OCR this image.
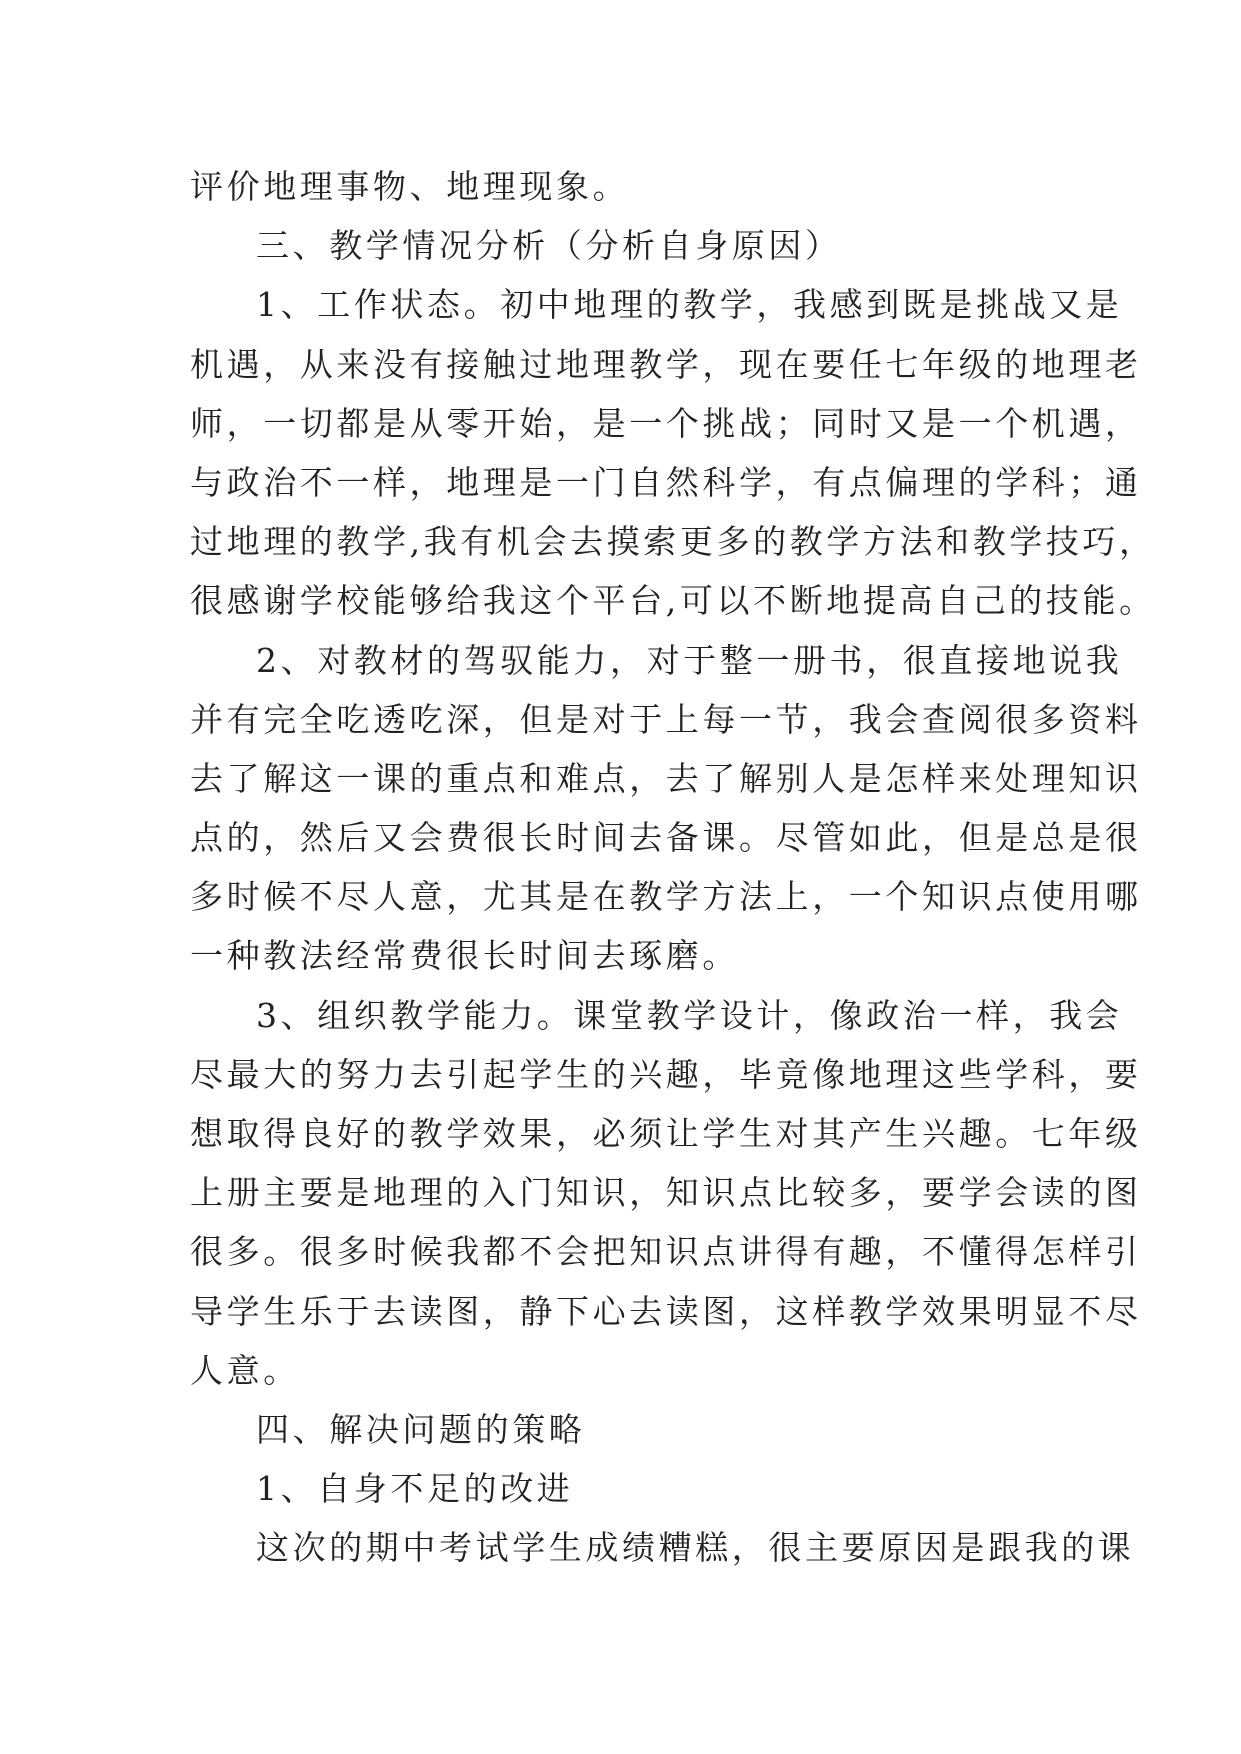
评价地理事物、地理现象。
三、教学情况分析（分析自身原因）
1、工作状态。初中地理的教学，我感到既是挑战又是
机遇，从来没有接触过地理教学，现在要任七年级的地理老
师，一切都是从零开始，是一个挑战；同时又是一个机遇，
与政治不一样，地理是一门自然科学，有点偏理的学科；通
过地理的教学,我有机会去摸索更多的教学方法和教学技巧，
很感谢学校能够给我这个平台,可以不断地提高自己的技能。
2、对教材的驾驭能力，对于整一册书，很直接地说我
并有完全吃透吃深，但是对于上每一节，我会查阅很多资料
去了解这一课的重点和难点，去了解别人是怎样来处理知识
点的，然后又会费很长时间去备课。尽管如此，但是总是很
多时候不尽人意，尤其是在教学方法上，一个知识点使用哪
一种教法经常费很长时间去琢磨。
3、组织教学能力。课堂教学设计，像政治一样，我会
尽最大的努力去引起学生的兴趣，毕竟像地理这些学科，要
想取得良好的教学效果，必须让学生对其产生兴趣。七年级
上册主要是地理的入门知识，知识点比较多，要学会读的图
很多。很多时候我都不会把知识点讲得有趣，不懂得怎样引
导学生乐于去读图，静下心去读图，这样教学效果明显不尽
人意。
四、解决问题的策略
1、自身不足的改进
这次的期中考试学生成绩糟糕，很主要原因是跟我的课
